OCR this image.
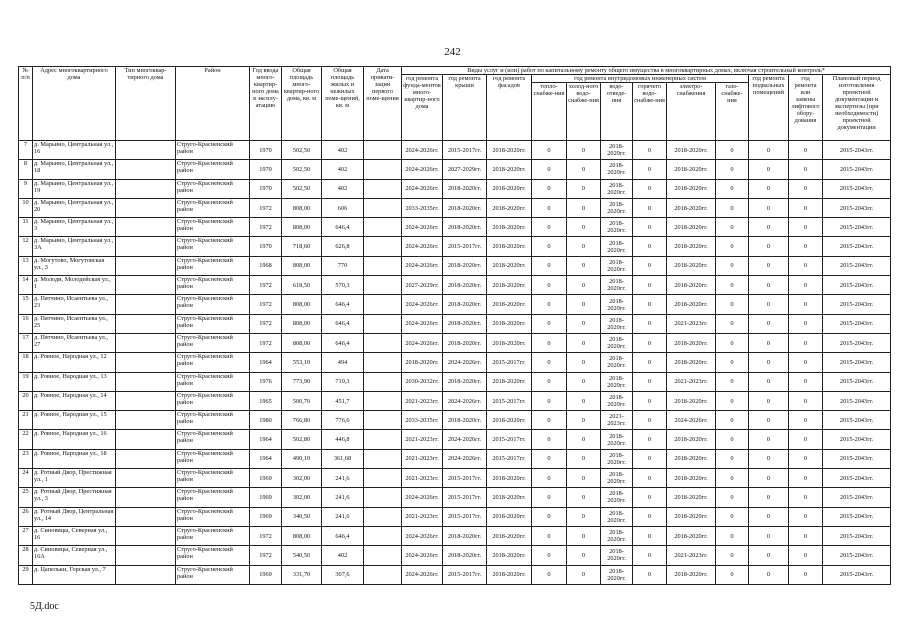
242
№ п/п	Адрес многоквартирного дома	Тип многоквар-тирного дома	Район	Год ввода много-квартир-ного дома в эксплу-атацию	Общая площадь много-квартир-ного дома, кв. м	Общая площадь жилых и нежилых поме-щений, кв. м	Дата привати-зации первого поме-щения	Виды услуг и (или) работ по капитальному ремонту общего имущества в многоквартирных домах, включая строительный контроль*											
								год ремонта фунда-ментов много-квартир-ного дома	год ремонта крыши	год ремонта фасадов	год ремонта внутридомовых инженерных систем						год ремонта подвальных помещений	год ремонта или замены лифтового обору-дования	Плановый период изготовления проектной документации и экспертизы (при необходимости) проектной документации
											тепло-снабже-ния	холод-ного водо-снабже-ния	водо-отведе-ния	горячего водо-снабже-ния	электро-снабжения	газо-снабже-ния			
7	д. Марьино, Центральная ул., 16		Струго-Красненский район	1970	502,50	402		2024-2026гг.	2015-2017гг.	2018-2020гг.	0	0	2018-2020гг.	0	2018-2020гг.	0	0	0	2015-2043гг.
8	д. Марьино, Центральная ул., 18		Струго-Красненский район	1970	502,50	402		2024-2026гг.	2027-2029гг.	2018-2020гг.	0	0	2018-2020гг.	0	2018-2020гг.	0	0	0	2015-2043гг.
9	д. Марьино, Центральная ул., 19		Струго-Красненский район	1970	502,50	402		2024-2026гг.	2018-2020гг.	2018-2020гг.	0	0	2018-2020гг.	0	2018-2020гг.	0	0	0	2015-2043гг.
10	д. Марьино, Центральная ул., 20		Струго-Красненский район	1972	808,00	606		2033-2035гг.	2018-2020гг.	2018-2020гг.	0	0	2018-2020гг.	0	2018-2020гг.	0	0	0	2015-2043гг.
11	д. Марьино, Центральная ул., 3		Струго-Красненский район	1972	808,00	646,4		2024-2026гг.	2018-2020гг.	2018-2020гг.	0	0	2018-2020гг.	0	2018-2020гг.	0	0	0	2015-2043гг.
12	д. Марьино, Центральная ул., 3А		Струго-Красненский район	1970	718,60	626,8		2024-2026гг.	2015-2017гг.	2018-2020гг.	0	0	2018-2020гг.	0	2018-2020гг.	0	0	0	2015-2043гг.
13	д. Могутово, Могутовская ул., 3		Струго-Красненский район	1968	808,00	770		2024-2026гг.	2018-2020гг.	2018-2020гг.	0	0	2018-2020гг.	0	2018-2020гг.	0	0	0	2015-2043гг.
14	д. Молоди, Молодейская ул., 1		Струго-Красненский район	1972	618,50	570,3		2027-2029гг.	2018-2020гг.	2018-2020гг.	0	0	2018-2020гг.	0	2018-2020гг.	0	0	0	2015-2043гг.
15	д. Пятчино, Исаентьева ул., 23		Струго-Красненский район	1972	808,00	646,4		2024-2026гг.	2018-2020гг.	2018-2020гг.	0	0	2018-2020гг.	0	2018-2020гг.	0	0	0	2015-2043гг.
16	д. Пятчино, Исаентьева ул., 25		Струго-Красненский район	1972	808,00	646,4		2024-2026гг.	2018-2020гг.	2018-2020гг.	0	0	2018-2020гг.	0	2021-2023гг.	0	0	0	2015-2043гг.
17	д. Пятчино, Исаентьева ул., 27		Струго-Красненский район	1972	808,00	646,4		2024-2026гг.	2018-2020гг.	2018-2020гг.	0	0	2018-2020гг.	0	2018-2020гг.	0	0	0	2015-2043гг.
18	д. Ровное, Народная ул., 12		Струго-Красненский район	1964	553,10	494		2018-2020гг.	2024-2026гг.	2015-2017гг.	0	0	2018-2020гг.	0	2018-2020гг.	0	0	0	2015-2043гг.
19	д. Ровное, Народная ул., 13		Струго-Красненский район	1976	773,90	719,3		2030-2032гг.	2018-2020гг.	2018-2020гг.	0	0	2018-2020гг.	0	2021-2023гг.	0	0	0	2015-2043гг.
20	д. Ровное, Народная ул., 14		Струго-Красненский район	1965	500,70	451,7		2021-2023гг.	2024-2026гг.	2015-2017гг.	0	0	2018-2020гг.	0	2018-2020гг.	0	0	0	2015-2043гг.
21	д. Ровное, Народная ул., 15		Струго-Красненский район	1980	766,80	776,6		2033-2035гг.	2018-2020гг.	2018-2020гг.	0	0	2021-2023гг.	0	2024-2026гг.	0	0	0	2015-2043гг.
22	д. Ровное, Народная ул., 16		Струго-Красненский район	1964	502,80	446,8		2021-2023гг.	2024-2026гг.	2015-2017гг.	0	0	2018-2020гг.	0	2018-2020гг.	0	0	0	2015-2043гг.
23	д. Ровное, Народная ул., 18		Струго-Красненский район	1964	490,10	361,68		2021-2023гг.	2024-2026гг.	2015-2017гг.	0	0	2018-2020гг.	0	2018-2020гг.	0	0	0	2015-2043гг.
24	д. Ротный Двор, Престижная ул., 1		Струго-Красненский район	1969	302,00	241,6		2021-2023гг.	2015-2017гг.	2018-2020гг.	0	0	2018-2020гг.	0	2018-2020гг.	0	0	0	2015-2043гг.
25	д. Ротный Двор, Престижная ул., 3		Струго-Красненский район	1969	302,00	241,6		2024-2026гг.	2015-2017гг.	2018-2020гг.	0	0	2018-2020гг.	0	2018-2020гг.	0	0	0	2015-2043гг.
26	д. Ротный Двор, Центральная ул., 14		Струго-Красненский район	1969	340,50	241,6		2021-2023гг.	2015-2017гг.	2018-2020гг.	0	0	2018-2020гг.	0	2018-2020гг.	0	0	0	2015-2043гг.
27	д. Синовицы, Северная ул., 16		Струго-Красненский район	1972	808,00	646,4		2024-2026гг.	2018-2020гг.	2018-2020гг.	0	0	2018-2020гг.	0	2018-2020гг.	0	0	0	2015-2043гг.
28	д. Синовицы, Северная ул., 16А		Струго-Красненский район	1972	540,50	402		2024-2026гг.	2018-2020гг.	2018-2020гг.	0	0	2018-2020гг.	0	2021-2023гг.	0	0	0	2015-2043гг.
29	д. Цапельки, Горская ул., 7		Струго-Красненский район	1969	331,70	307,6		2024-2026гг.	2015-2017гг.	2018-2020гг.	0	0	2018-2020гг.	0	2018-2020гг.	0	0	0	2015-2043гг.
5Д.doc
